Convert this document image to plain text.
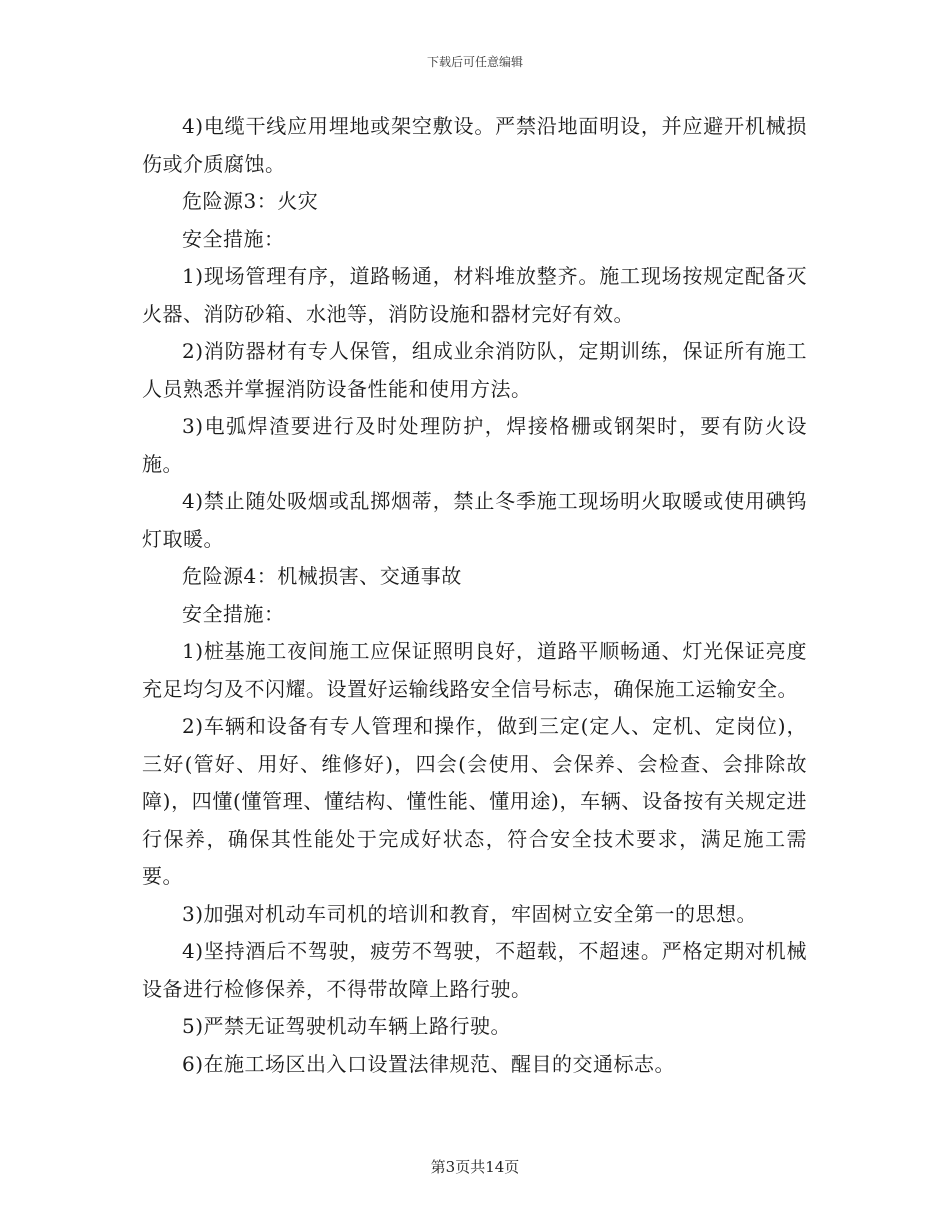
下载后可任意编辑

4)电缆干线应用埋地或架空敷设。严禁沿地面明设，并应避开机械损伤或介质腐蚀。

危险源3：火灾

安全措施：

1)现场管理有序，道路畅通，材料堆放整齐。施工现场按规定配备灭火器、消防砂箱、水池等，消防设施和器材完好有效。

2)消防器材有专人保管，组成业余消防队，定期训练，保证所有施工人员熟悉并掌握消防设备性能和使用方法。

3)电弧焊渣要进行及时处理防护，焊接格栅或钢架时，要有防火设施。

4)禁止随处吸烟或乱掷烟蒂，禁止冬季施工现场明火取暖或使用碘钨灯取暖。

危险源4：机械损害、交通事故

安全措施：

1)桩基施工夜间施工应保证照明良好，道路平顺畅通、灯光保证亮度充足均匀及不闪耀。设置好运输线路安全信号标志，确保施工运输安全。

2)车辆和设备有专人管理和操作，做到三定(定人、定机、定岗位)，三好(管好、用好、维修好)，四会(会使用、会保养、会检查、会排除故障)，四懂(懂管理、懂结构、懂性能、懂用途)，车辆、设备按有关规定进行保养，确保其性能处于完成好状态，符合安全技术要求，满足施工需要。

3)加强对机动车司机的培训和教育，牢固树立安全第一的思想。

4)坚持酒后不驾驶，疲劳不驾驶，不超载，不超速。严格定期对机械设备进行检修保养，不得带故障上路行驶。

5)严禁无证驾驶机动车辆上路行驶。

6)在施工场区出入口设置法律规范、醒目的交通标志。

第3页共14页
